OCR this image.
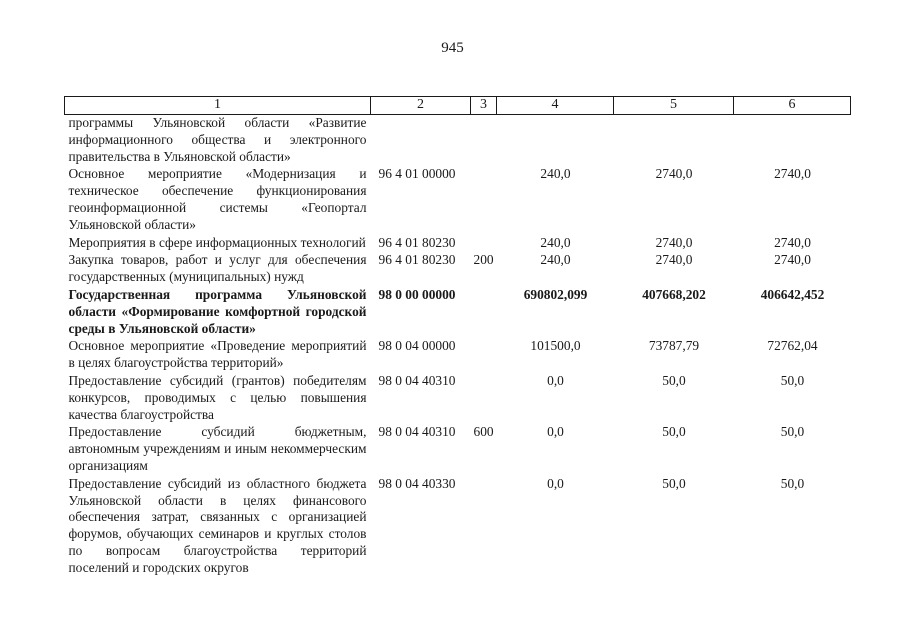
945
1	2	3	4	5	6
программы Ульяновской области «Развитие информационного общества и электронного правительства в Ульяновской области»					
Основное мероприятие «Модернизация и техническое обеспечение функционирования геоинформационной системы «Геопортал Ульяновской области»	96 4 01 00000		240,0	2740,0	2740,0
Мероприятия в сфере информационных технологий	96 4 01 80230		240,0	2740,0	2740,0
Закупка товаров, работ и услуг для обеспечения государственных (муниципальных) нужд	96 4 01 80230	200	240,0	2740,0	2740,0
Государственная программа Ульяновской области «Формирование комфортной городской среды в Ульяновской области»	98 0 00 00000		690802,099	407668,202	406642,452
Основное мероприятие «Проведение мероприятий в целях благоустройства территорий»	98 0 04 00000		101500,0	73787,79	72762,04
Предоставление субсидий (грантов) победителям конкурсов, проводимых с целью повышения качества благоустройства	98 0 04 40310		0,0	50,0	50,0
Предоставление субсидий бюджетным, автономным учреждениям и иным некоммерческим организациям	98 0 04 40310	600	0,0	50,0	50,0
Предоставление субсидий из областного бюджета Ульяновской области в целях финансового обеспечения затрат, связанных с организацией форумов, обучающих семинаров и круглых столов по вопросам благоустройства территорий поселений и городских округов	98 0 04 40330		0,0	50,0	50,0
